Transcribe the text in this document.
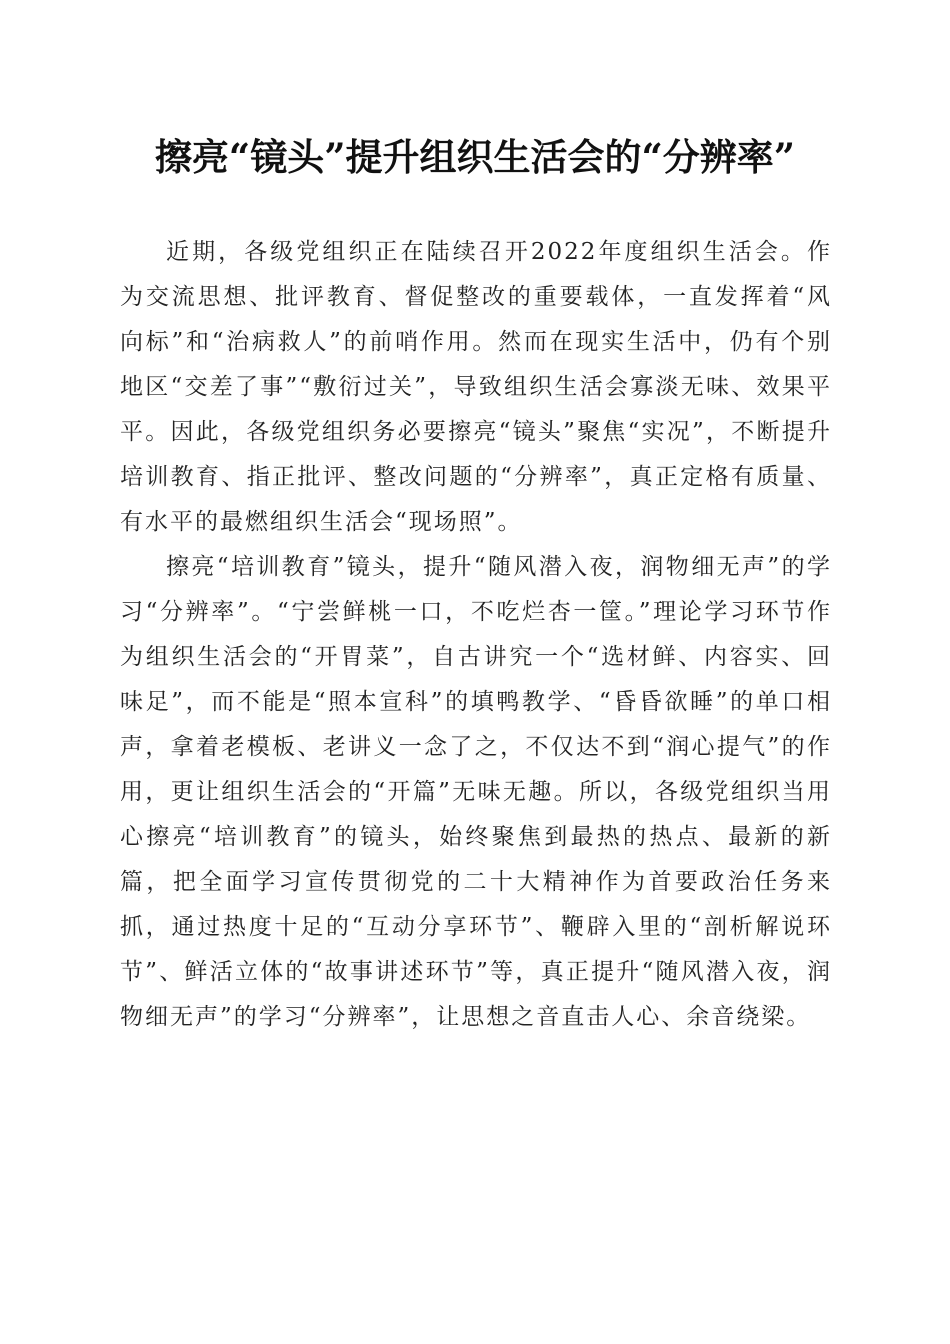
擦亮“镜头”提升组织生活会的“分辨率”

近期，各级党组织正在陆续召开2022年度组织生活会。作为交流思想、批评教育、督促整改的重要载体，一直发挥着“风向标”和“治病救人”的前哨作用。然而在现实生活中，仍有个别地区“交差了事”“敷衍过关”，导致组织生活会寡淡无味、效果平平。因此，各级党组织务必要擦亮“镜头”聚焦“实况”，不断提升培训教育、指正批评、整改问题的“分辨率”，真正定格有质量、有水平的最燃组织生活会“现场照”。

擦亮“培训教育”镜头，提升“随风潜入夜，润物细无声”的学习“分辨率”。“宁尝鲜桃一口，不吃烂杏一筐。”理论学习环节作为组织生活会的“开胃菜”，自古讲究一个“选材鲜、内容实、回味足”，而不能是“照本宣科”的填鸭教学、“昏昏欲睡”的单口相声，拿着老模板、老讲义一念了之，不仅达不到“润心提气”的作用，更让组织生活会的“开篇”无味无趣。所以，各级党组织当用心擦亮“培训教育”的镜头，始终聚焦到最热的热点、最新的新篇，把全面学习宣传贯彻党的二十大精神作为首要政治任务来抓，通过热度十足的“互动分享环节”、鞭辟入里的“剖析解说环节”、鲜活立体的“故事讲述环节”等，真正提升“随风潜入夜，润物细无声”的学习“分辨率”，让思想之音直击人心、余音绕梁。
